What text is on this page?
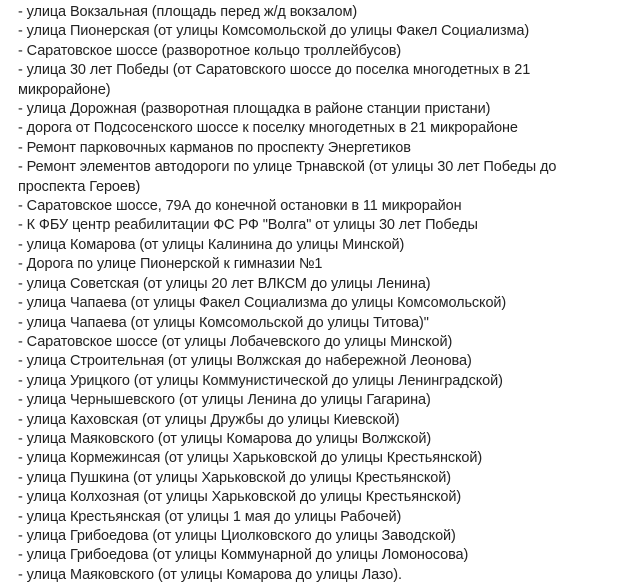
- улица Вокзальная (площадь перед ж/д вокзалом)
- улица Пионерская (от улицы Комсомольской до улицы Факел Социализма)
- Саратовское шоссе (разворотное кольцо троллейбусов)
- улица 30 лет Победы (от Саратовского шоссе до поселка многодетных в 21 микрорайоне)
- улица Дорожная (разворотная площадка в районе станции пристани)
- дорога от Подсосенского шоссе к поселку многодетных в 21 микрорайоне
- Ремонт парковочных карманов по проспекту Энергетиков
- Ремонт элементов автодороги по улице Трнавской (от улицы 30 лет Победы до проспекта Героев)
- Саратовское шоссе, 79А до конечной остановки в 11 микрорайон
- К ФБУ центр реабилитации ФС РФ "Волга" от улицы 30 лет Победы
- улица Комарова (от улицы Калинина до улицы Минской)
- Дорога по улице Пионерской к гимназии №1
- улица Советская (от улицы 20 лет ВЛКСМ до улицы Ленина)
- улица Чапаева (от улицы Факел Социализма до улицы Комсомольской)
- улица Чапаева (от улицы Комсомольской до улицы Титова)"
- Саратовское шоссе (от улицы Лобачевского до улицы Минской)
- улица Строительная (от улицы Волжская до набережной Леонова)
- улица Урицкого (от улицы Коммунистической до улицы Ленинградской)
- улица Чернышевского (от улицы Ленина до улицы Гагарина)
- улица Каховская (от улицы Дружбы до улицы Киевской)
- улица Маяковского (от улицы Комарова до улицы Волжской)
- улица Кормежинсая (от улицы Харьковской до улицы Крестьянской)
- улица Пушкина (от улицы Харьковской до улицы Крестьянской)
- улица Колхозная (от улицы Харьковской до улицы Крестьянской)
- улица Крестьянская (от улицы 1 мая до улицы Рабочей)
- улица Грибоедова (от улицы Циолковского до улицы Заводской)
- улица Грибоедова (от улицы Коммунарной до улицы Ломоносова)
- улица Маяковского (от улицы Комарова до улицы Лазо).
